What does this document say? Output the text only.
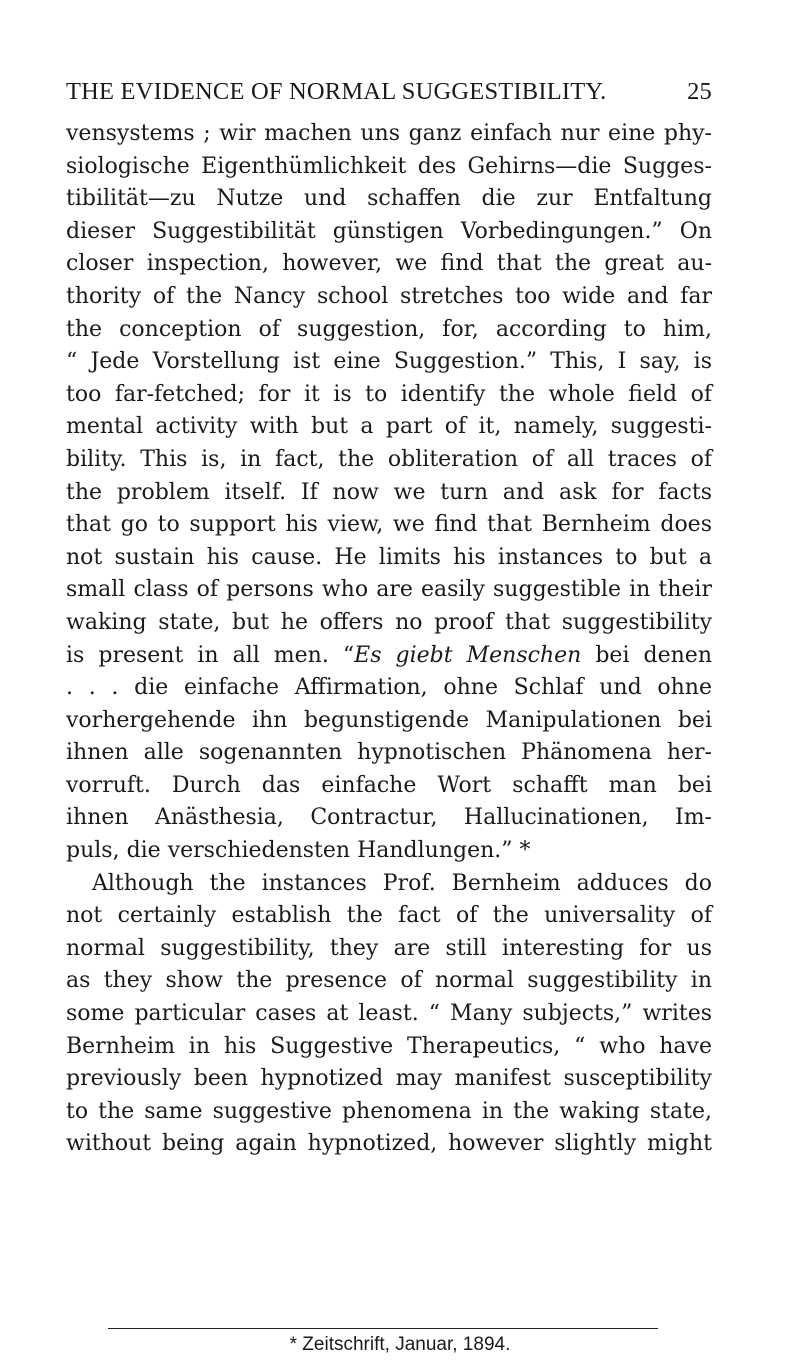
THE EVIDENCE OF NORMAL SUGGESTIBILITY.	25
vensystems ; wir machen uns ganz einfach nur eine phy-
siologische Eigenthümlichkeit des Gehirns—die Sugges-
tibilität—zu Nutze und schaffen die zur Entfaltung
dieser Suggestibilität günstigen Vorbedingungen.” On
closer inspection, however, we find that the great au-
thority of the Nancy school stretches too wide and far
the conception of suggestion, for, according to him,
“ Jede Vorstellung ist eine Suggestion.” This, I say, is
too far-fetched; for it is to identify the whole field of
mental activity with but a part of it, namely, suggesti-
bility. This is, in fact, the obliteration of all traces of
the problem itself. If now we turn and ask for facts
that go to support his view, we find that Bernheim does
not sustain his cause. He limits his instances to but a
small class of persons who are easily suggestible in their
waking state, but he offers no proof that suggestibility
is present in all men. “Es giebt Menschen bei denen
. . . die einfache Affirmation, ohne Schlaf und ohne
vorhergehende ihn begunstigende Manipulationen bei
ihnen alle sogenannten hypnotischen Phänomena her-
vorruft. Durch das einfache Wort schafft man bei
ihnen Anästhesia, Contractur, Hallucinationen, Im-
puls, die verschiedensten Handlungen.” *
Although the instances Prof. Bernheim adduces do
not certainly establish the fact of the universality of
normal suggestibility, they are still interesting for us
as they show the presence of normal suggestibility in
some particular cases at least. “ Many subjects,” writes
Bernheim in his Suggestive Therapeutics, “ who have
previously been hypnotized may manifest susceptibility
to the same suggestive phenomena in the waking state,
without being again hypnotized, however slightly might
* Zeitschrift, Januar, 1894.
